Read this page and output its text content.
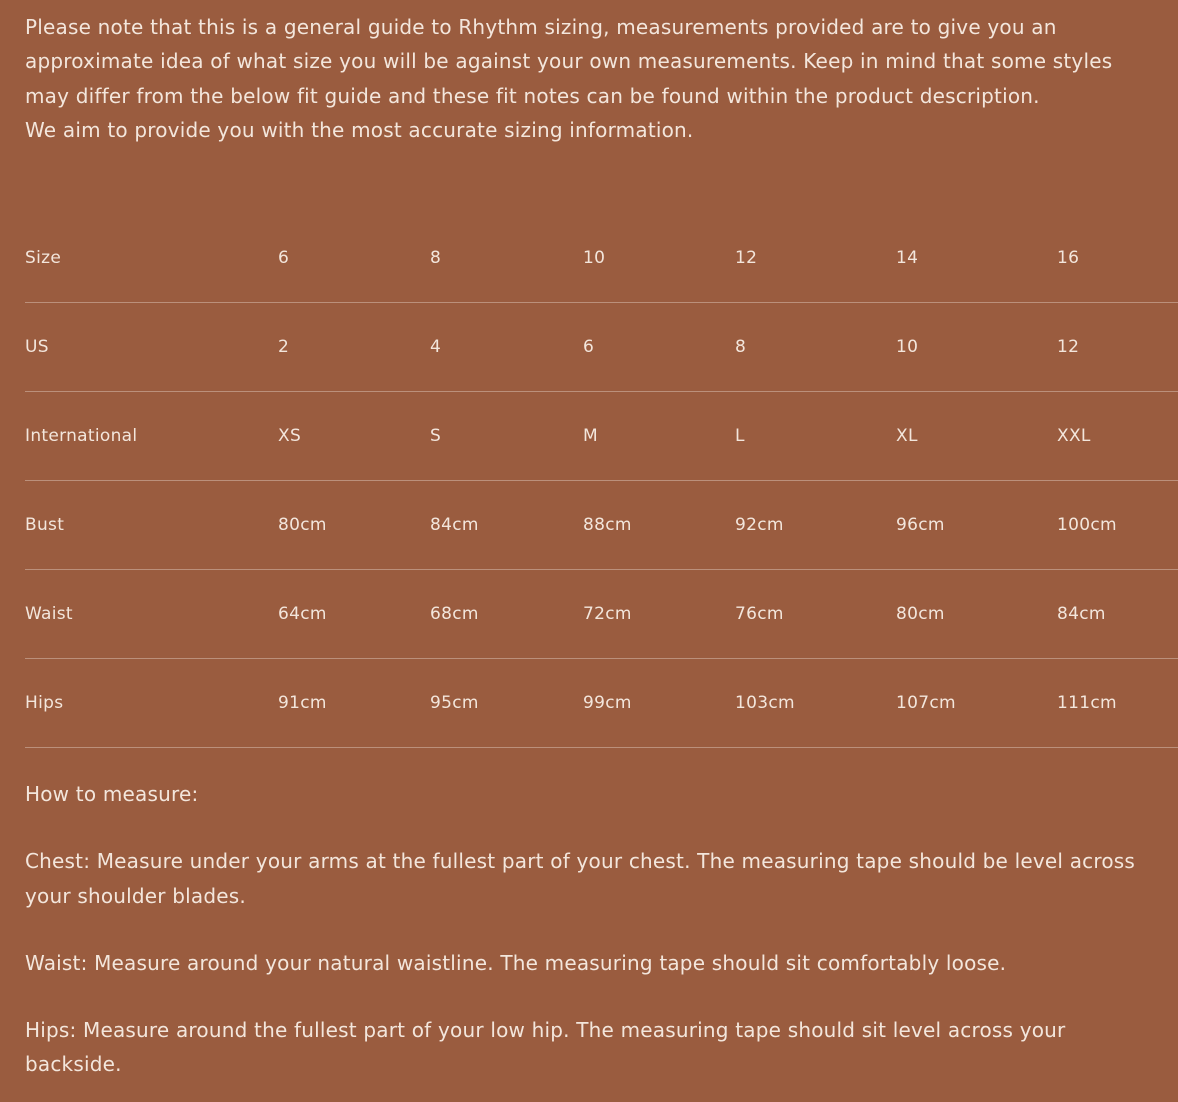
Please note that this is a general guide to Rhythm sizing, measurements provided are to give you an approximate idea of what size you will be against your own measurements. Keep in mind that some styles may differ from the below fit guide and these fit notes can be found within the product description.

We aim to provide you with the most accurate sizing information.

Size	6	8	10	12	14	16
US	2	4	6	8	10	12
International	XS	S	M	L	XL	XXL
Bust	80cm	84cm	88cm	92cm	96cm	100cm
Waist	64cm	68cm	72cm	76cm	80cm	84cm
Hips	91cm	95cm	99cm	103cm	107cm	111cm

How to measure:

Chest: Measure under your arms at the fullest part of your chest. The measuring tape should be level across your shoulder blades.

Waist: Measure around your natural waistline. The measuring tape should sit comfortably loose.

Hips: Measure around the fullest part of your low hip. The measuring tape should sit level across your backside.
